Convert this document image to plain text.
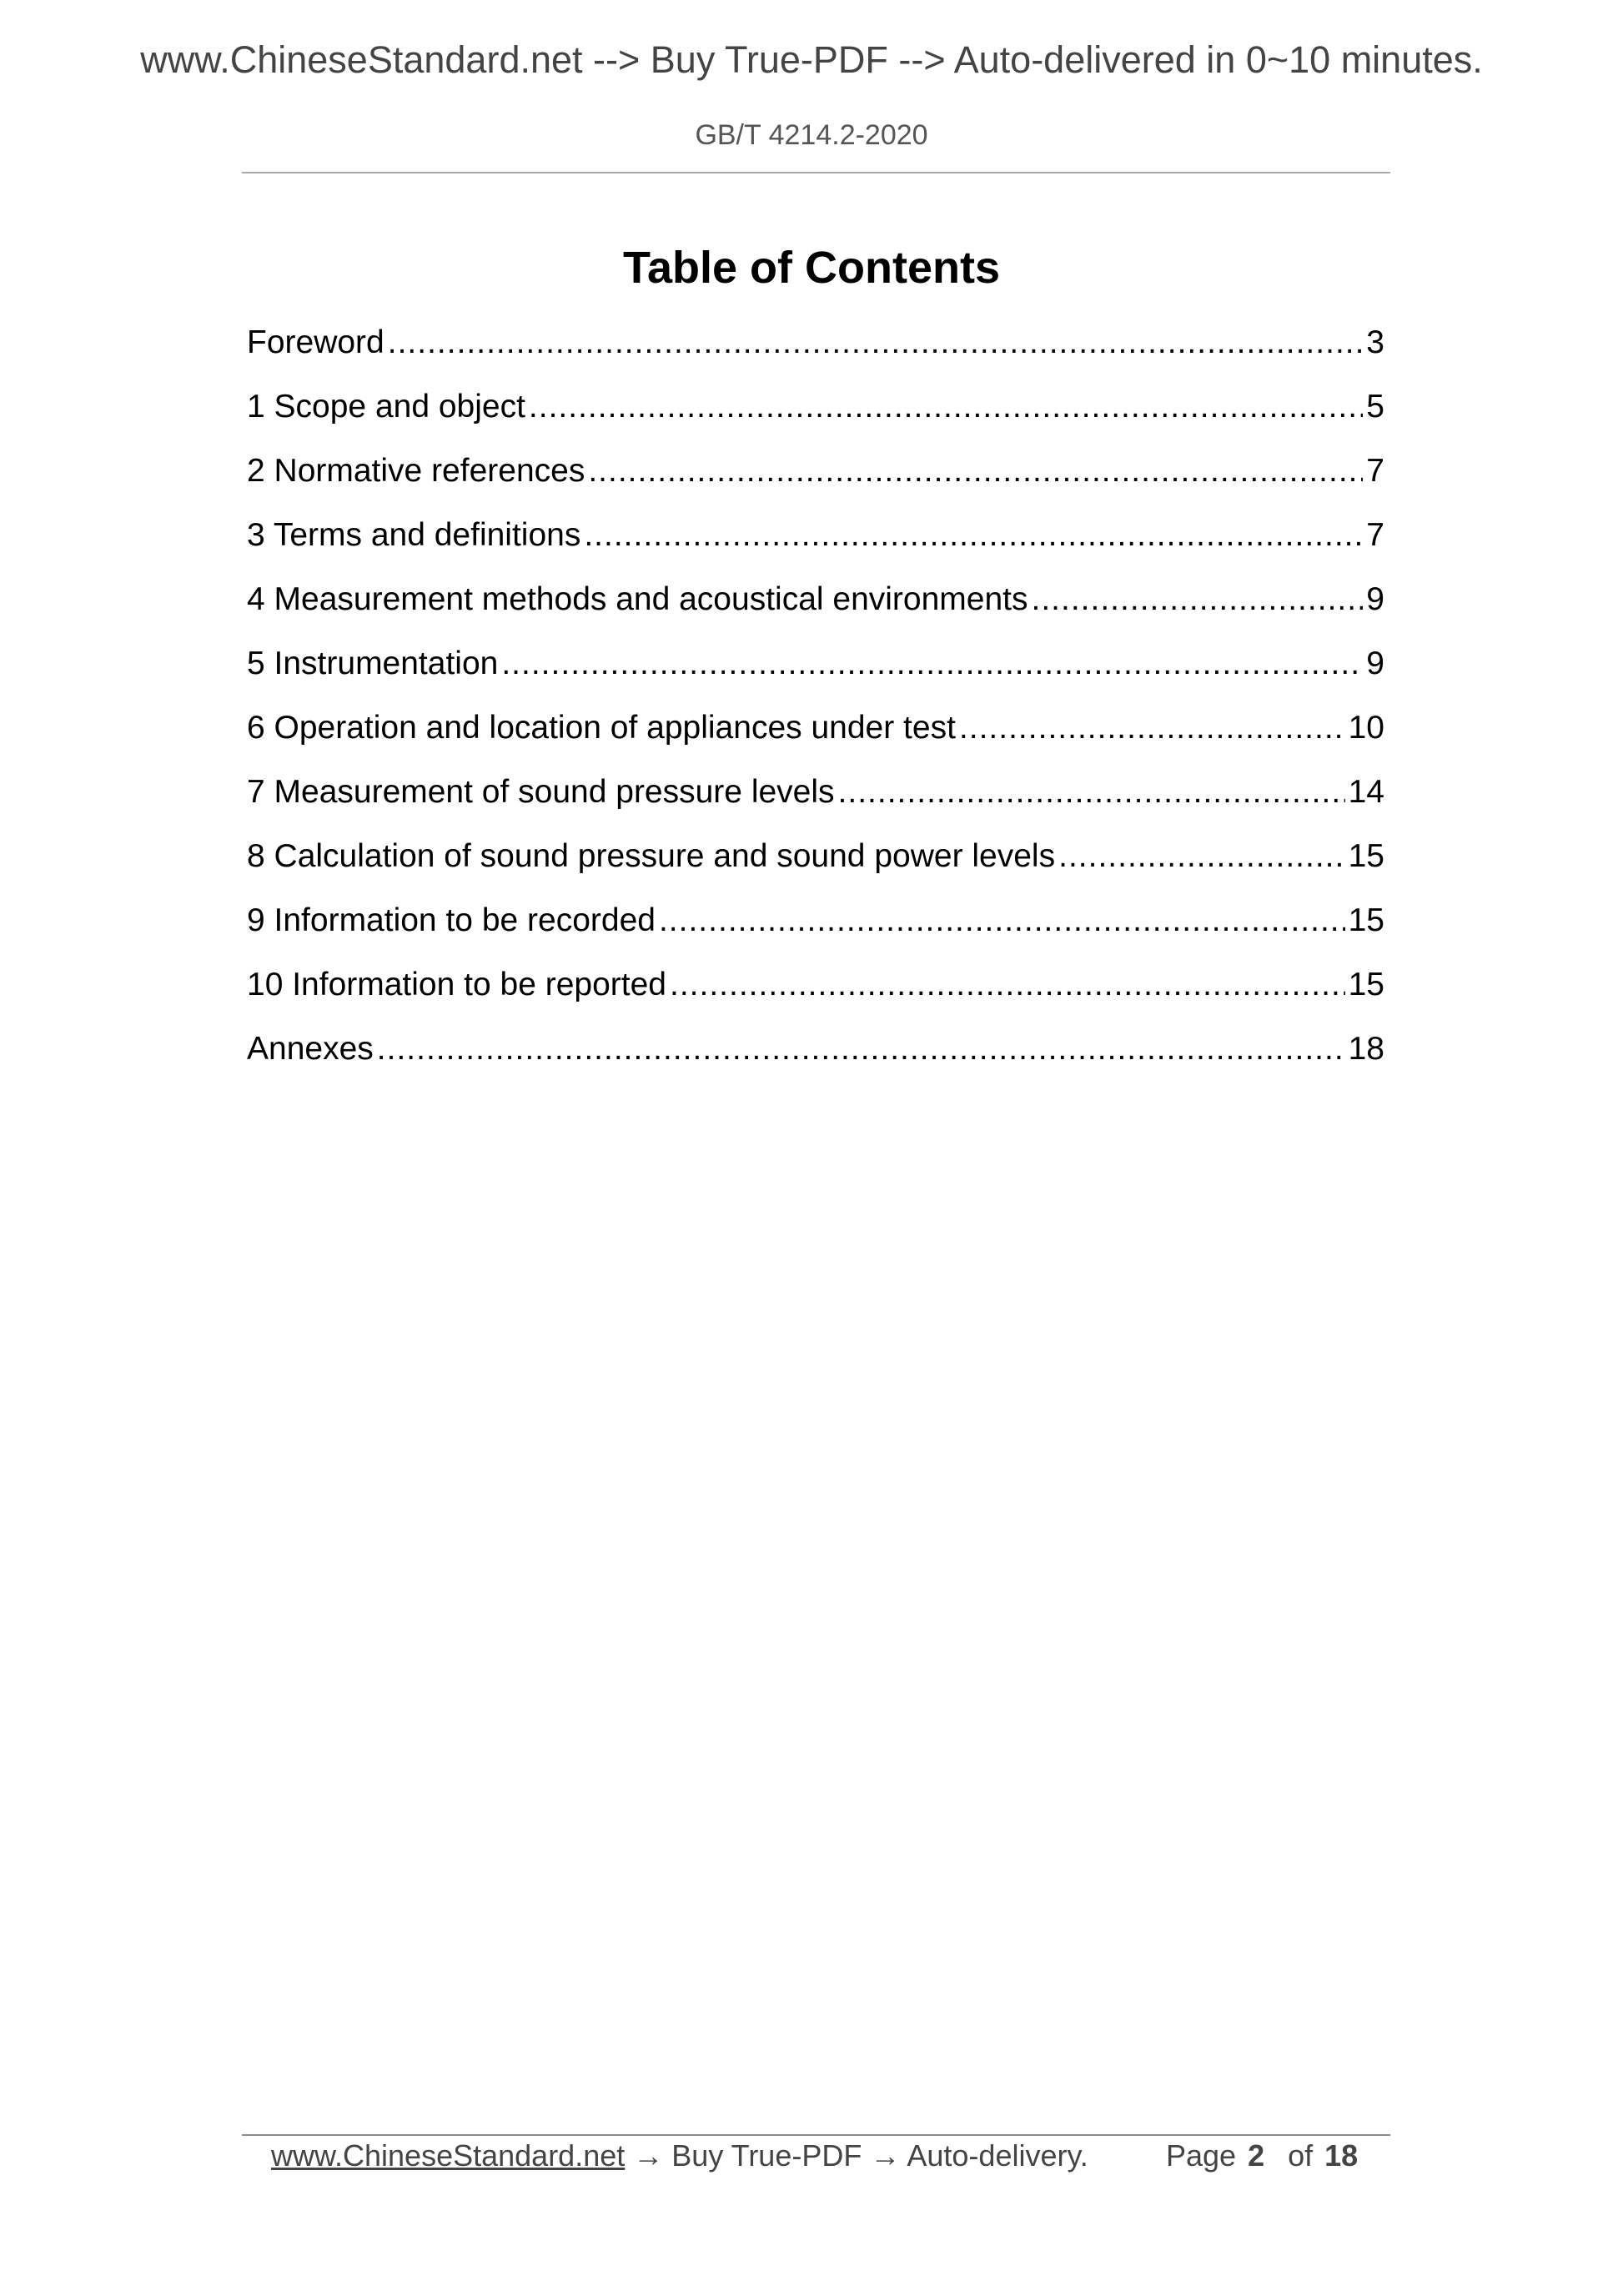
www.ChineseStandard.net --> Buy True-PDF --> Auto-delivered in 0~10 minutes.
GB/T 4214.2-2020
Table of Contents
Foreword .....	3
1 Scope and object .....	5
2 Normative references .....	7
3 Terms and definitions .....	7
4 Measurement methods and acoustical environments .....	9
5 Instrumentation .....	9
6 Operation and location of appliances under test .....	10
7 Measurement of sound pressure levels .....	14
8 Calculation of sound pressure and sound power levels .....	15
9 Information to be recorded .....	15
10 Information to be reported .....	15
Annexes .....	18
www.ChineseStandard.net → Buy True-PDF → Auto-delivery.	Page 2 of 18
